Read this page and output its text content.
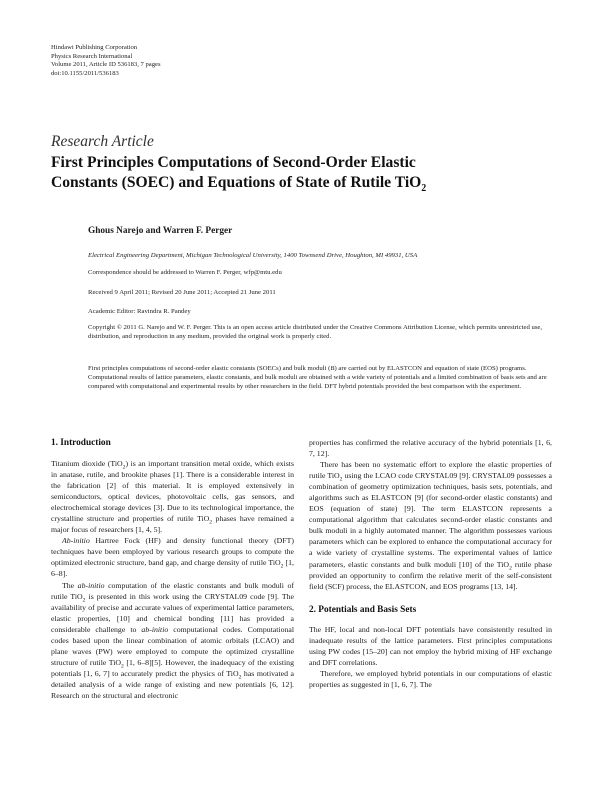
Hindawi Publishing Corporation
Physics Research International
Volume 2011, Article ID 536183, 7 pages
doi:10.1155/2011/536183
Research Article
First Principles Computations of Second-Order Elastic
Constants (SOEC) and Equations of State of Rutile TiO$_2$
Ghous Narejo and Warren F. Perger
Electrical Engineering Department, Michigan Technological University, 1400 Townsend Drive, Houghton, MI 49931, USA
Correspondence should be addressed to Warren F. Perger, wfp@mtu.edu
Received 9 April 2011; Revised 20 June 2011; Accepted 21 June 2011
Academic Editor: Ravindra R. Pandey
Copyright © 2011 G. Narejo and W. F. Perger. This is an open access article distributed under the Creative Commons Attribution License, which permits unrestricted use, distribution, and reproduction in any medium, provided the original work is properly cited.
First principles computations of second-order elastic constants (SOECs) and bulk moduli (B) are carried out by ELASTCON and equation of state (EOS) programs. Computational results of lattice parameters, elastic constants, and bulk moduli are obtained with a wide variety of potentials and a limited combination of basis sets and are compared with computational and experimental results by other researchers in the field. DFT hybrid potentials provided the best comparison with the experiment.
1. Introduction

Titanium dioxide (TiO$_2$) is an important transition metal oxide, which exists in anatase, rutile, and brookite phases [1]. There is a considerable interest in the fabrication [2] of this material. It is employed extensively in semiconductors, optical devices, photovoltaic cells, gas sensors, and electrochemical storage devices [3]. Due to its technological importance, the crystalline structure and properties of rutile TiO$_2$ phases have remained a major focus of researchers [1, 4, 5].

Ab-initio Hartree Fock (HF) and density functional theory (DFT) techniques have been employed by various research groups to compute the optimized electronic structure, band gap, and charge density of rutile TiO$_2$ [1, 6–8].

The ab-initio computation of the elastic constants and bulk moduli of rutile TiO$_2$ is presented in this work using the CRYSTAL09 code [9]. The availability of precise and accurate values of experimental lattice parameters, elastic properties, [10] and chemical bonding [11] has provided a considerable challenge to ab-initio computational codes. Computational codes based upon the linear combination of atomic orbitals (LCAO) and plane waves (PW) were employed to compute the optimized crystalline structure of rutile TiO$_2$ [1, 6–8][5]. However, the inadequacy of the existing potentials [1, 6, 7] to accurately predict the physics of TiO$_2$ has motivated a detailed analysis of a wide range of existing and new potentials [6, 12]. Research on the structural and electronic

properties has confirmed the relative accuracy of the hybrid potentials [1, 6, 7, 12].

There has been no systematic effort to explore the elastic properties of rutile TiO$_2$ using the LCAO code CRYSTAL09 [9]. CRYSTAL09 possesses a combination of geometry optimization techniques, basis sets, potentials, and algorithms such as ELASTCON [9] (for second-order elastic constants) and EOS (equation of state) [9]. The term ELASTCON represents a computational algorithm that calculates second-order elastic constants and bulk moduli in a highly automated manner. The algorithm possesses various parameters which can be explored to enhance the computational accuracy for a wide variety of crystalline systems. The experimental values of lattice parameters, elastic constants and bulk moduli [10] of the TiO$_2$ rutile phase provided an opportunity to confirm the relative merit of the self-consistent field (SCF) process, the ELASTCON, and EOS programs [13, 14].

2. Potentials and Basis Sets

The HF, local and non-local DFT potentials have consistently resulted in inadequate results of the lattice parameters. First principles computations using PW codes [15–20] can not employ the hybrid mixing of HF exchange and DFT correlations.

Therefore, we employed hybrid potentials in our computations of elastic properties as suggested in [1, 6, 7]. The
